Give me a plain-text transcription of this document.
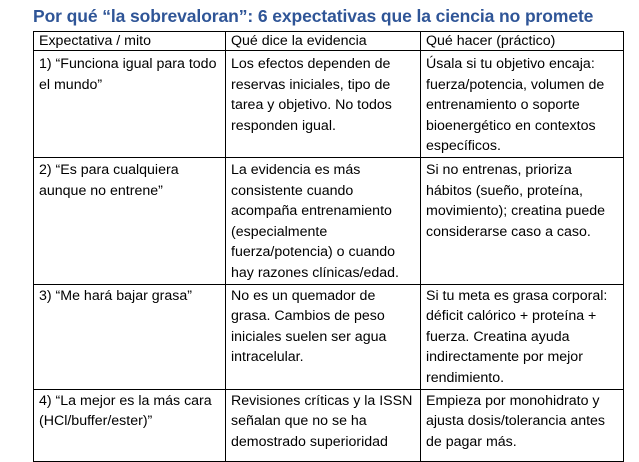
Por qué “la sobrevaloran”: 6 expectativas que la ciencia no promete
Expectativa / mito	Qué dice la evidencia	Qué hacer (práctico)
1) “Funciona igual para todo el mundo”	Los efectos dependen de reservas iniciales, tipo de tarea y objetivo. No todos responden igual.	Úsala si tu objetivo encaja: fuerza/potencia, volumen de entrenamiento o soporte bioenergético en contextos específicos.
2) “Es para cualquiera aunque no entrene”	La evidencia es más consistente cuando acompaña entrenamiento (especialmente fuerza/potencia) o cuando hay razones clínicas/edad.	Si no entrenas, prioriza hábitos (sueño, proteína, movimiento); creatina puede considerarse caso a caso.
3) “Me hará bajar grasa”	No es un quemador de grasa. Cambios de peso iniciales suelen ser agua intracelular.	Si tu meta es grasa corporal: déficit calórico + proteína + fuerza. Creatina ayuda indirectamente por mejor rendimiento.
4) “La mejor es la más cara (HCl/buffer/ester)”	Revisiones críticas y la ISSN señalan que no se ha demostrado superioridad	Empieza por monohidrato y ajusta dosis/tolerancia antes de pagar más.
